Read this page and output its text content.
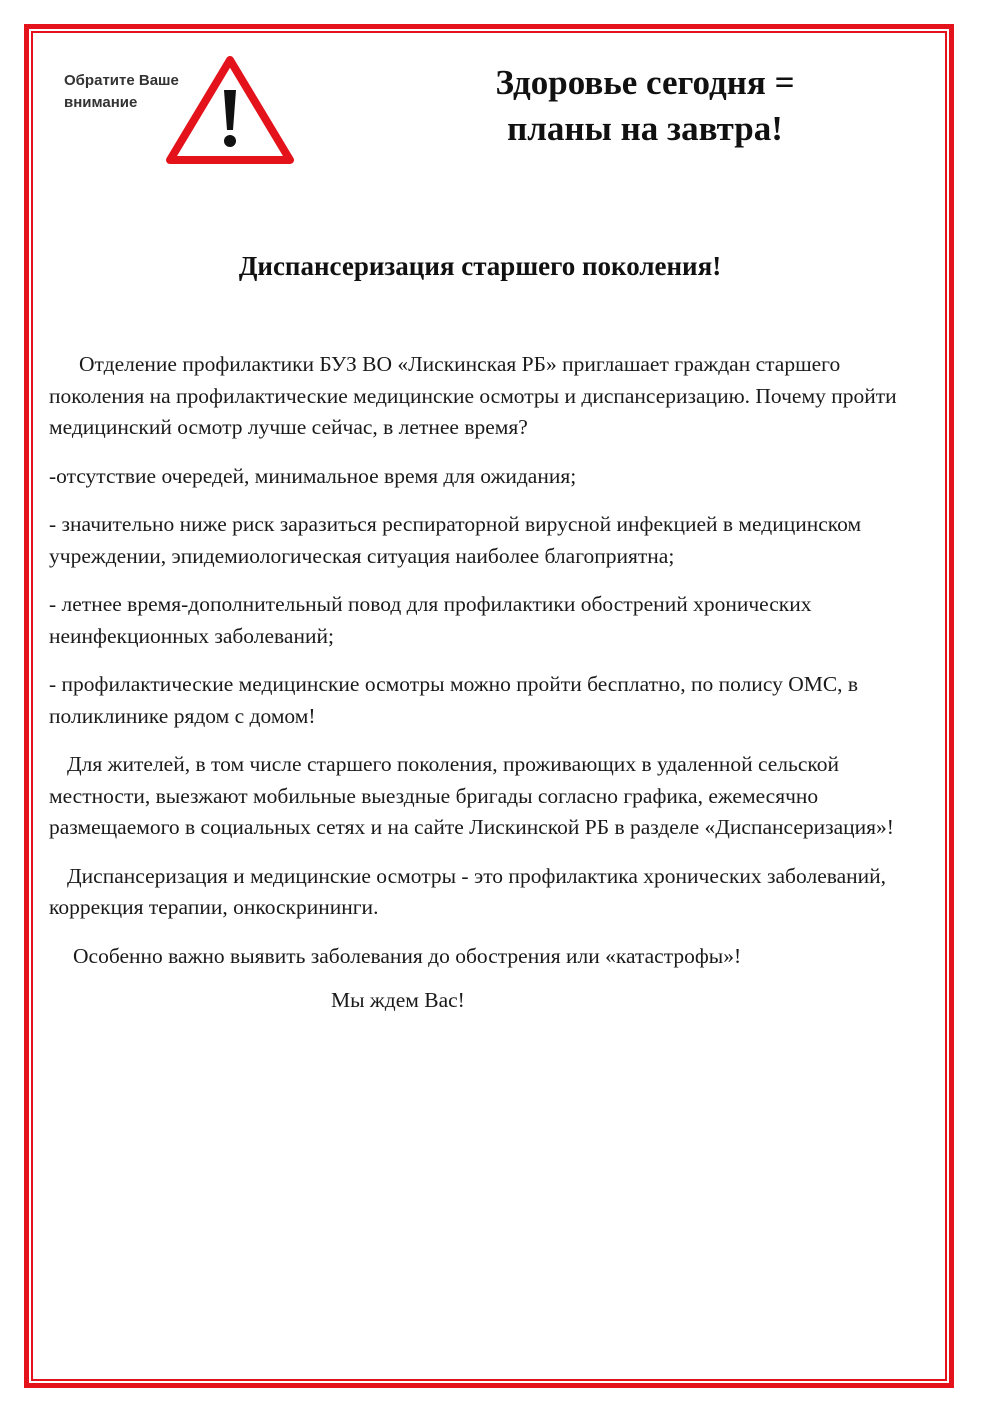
Обратите Ваше внимание
Здоровье сегодня =
планы на завтра!
Диспансеризация старшего поколения!

Отделение профилактики БУЗ ВО «Лискинская РБ» приглашает граждан старшего поколения на профилактические медицинские осмотры и диспансеризацию. Почему пройти медицинский осмотр лучше сейчас, в летнее время?

-отсутствие очередей, минимальное время для ожидания;

- значительно ниже риск заразиться респираторной вирусной инфекцией в медицинском учреждении, эпидемиологическая ситуация наиболее благоприятна;

- летнее время-дополнительный повод для профилактики обострений хронических неинфекционных заболеваний;

- профилактические медицинские осмотры можно пройти бесплатно, по полису ОМС, в поликлинике рядом с домом!

Для жителей, в том числе старшего поколения, проживающих в удаленной сельской местности, выезжают мобильные выездные бригады согласно графика, ежемесячно размещаемого в социальных сетях и на сайте Лискинской РБ в разделе «Диспансеризация»!

Диспансеризация и медицинские осмотры - это профилактика хронических заболеваний, коррекция терапии, онкоскрининги.

Особенно важно выявить заболевания до обострения или «катастрофы»!

Мы ждем Вас!
